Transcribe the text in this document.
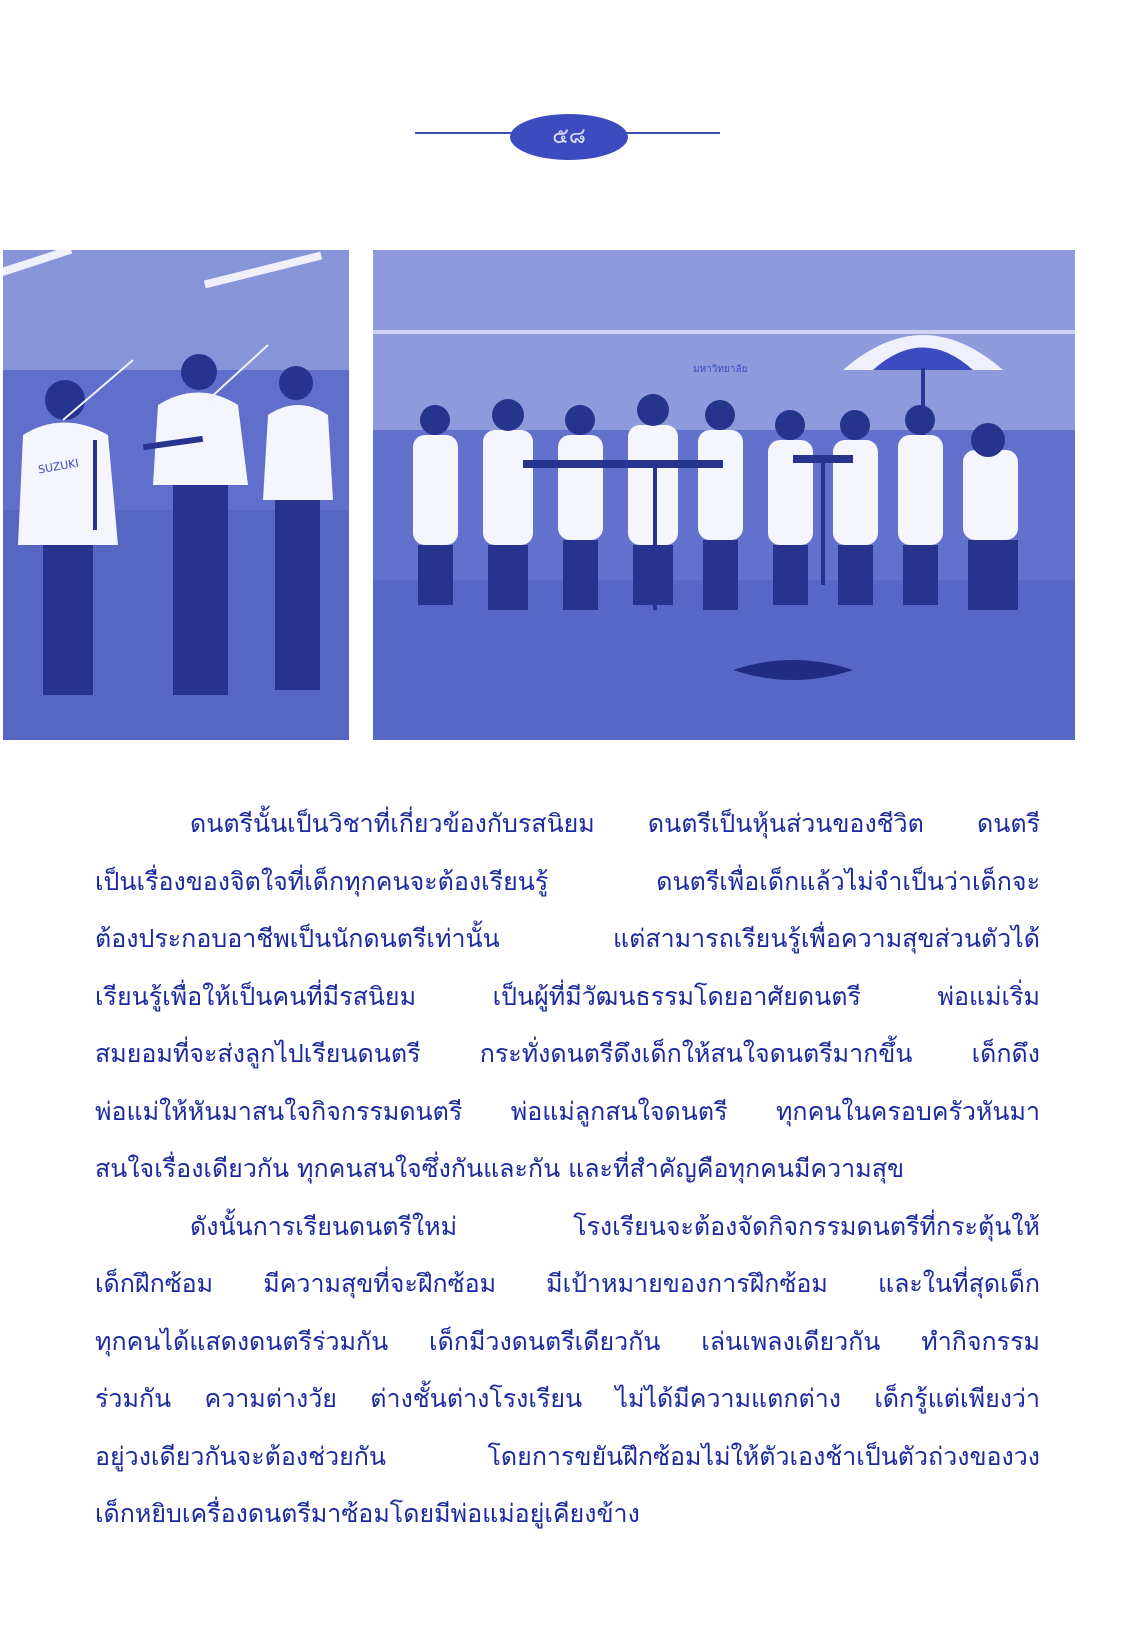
๕๘
SUZUKI
มหาวิทยาลัย
ดนตรีนั้นเป็นวิชาที่เกี่ยวข้องกับรสนิยม ดนตรีเป็นหุ้นส่วนของชีวิต ดนตรี
เป็นเรื่องของจิตใจที่เด็กทุกคนจะต้องเรียนรู้ ดนตรีเพื่อเด็กแล้วไม่จำเป็นว่าเด็กจะ
ต้องประกอบอาชีพเป็นนักดนตรีเท่านั้น แต่สามารถเรียนรู้เพื่อความสุขส่วนตัวได้
เรียนรู้เพื่อให้เป็นคนที่มีรสนิยม เป็นผู้ที่มีวัฒนธรรมโดยอาศัยดนตรี พ่อแม่เริ่ม
สมยอมที่จะส่งลูกไปเรียนดนตรี กระทั่งดนตรีดึงเด็กให้สนใจดนตรีมากขึ้น เด็กดึง
พ่อแม่ให้หันมาสนใจกิจกรรมดนตรี พ่อแม่ลูกสนใจดนตรี ทุกคนในครอบครัวหันมา
สนใจเรื่องเดียวกัน ทุกคนสนใจซึ่งกันและกัน และที่สำคัญคือทุกคนมีความสุข
ดังนั้นการเรียนดนตรีใหม่ โรงเรียนจะต้องจัดกิจกรรมดนตรีที่กระตุ้นให้
เด็กฝึกซ้อม มีความสุขที่จะฝึกซ้อม มีเป้าหมายของการฝึกซ้อม และในที่สุดเด็ก
ทุกคนได้แสดงดนตรีร่วมกัน เด็กมีวงดนตรีเดียวกัน เล่นเพลงเดียวกัน ทำกิจกรรม
ร่วมกัน ความต่างวัย ต่างชั้นต่างโรงเรียน ไม่ได้มีความแตกต่าง เด็กรู้แต่เพียงว่า
อยู่วงเดียวกันจะต้องช่วยกัน โดยการขยันฝึกซ้อมไม่ให้ตัวเองช้าเป็นตัวถ่วงของวง
เด็กหยิบเครื่องดนตรีมาซ้อมโดยมีพ่อแม่อยู่เคียงข้าง
